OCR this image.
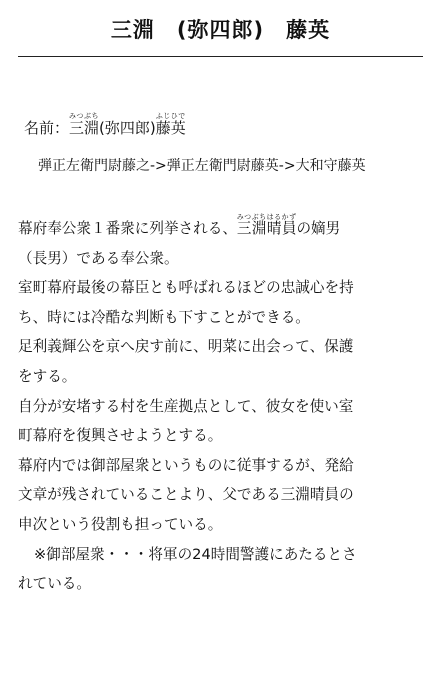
三淵　(弥四郎)　藤英
名前：三淵みつぶち(弥四郎)藤英ふじひで
弾正左衛門尉藤之->弾正左衛門尉藤英->大和守藤英

幕府奉公衆１番衆に列挙される、三淵晴員みつぶちはるかずの嫡男
（長男）である奉公衆。

室町幕府最後の幕臣とも呼ばれるほどの忠誠心を持
ち、時には冷酷な判断も下すことができる。

足利義輝公を京へ戻す前に、明菜に出会って、保護
をする。

自分が安堵する村を生産拠点として、彼女を使い室
町幕府を復興させようとする。

幕府内では御部屋衆というものに従事するが、発給
文章が残されていることより、父である三淵晴員の
申次という役割も担っている。

※御部屋衆・・・将軍の24時間警護にあたるとさ
れている。
